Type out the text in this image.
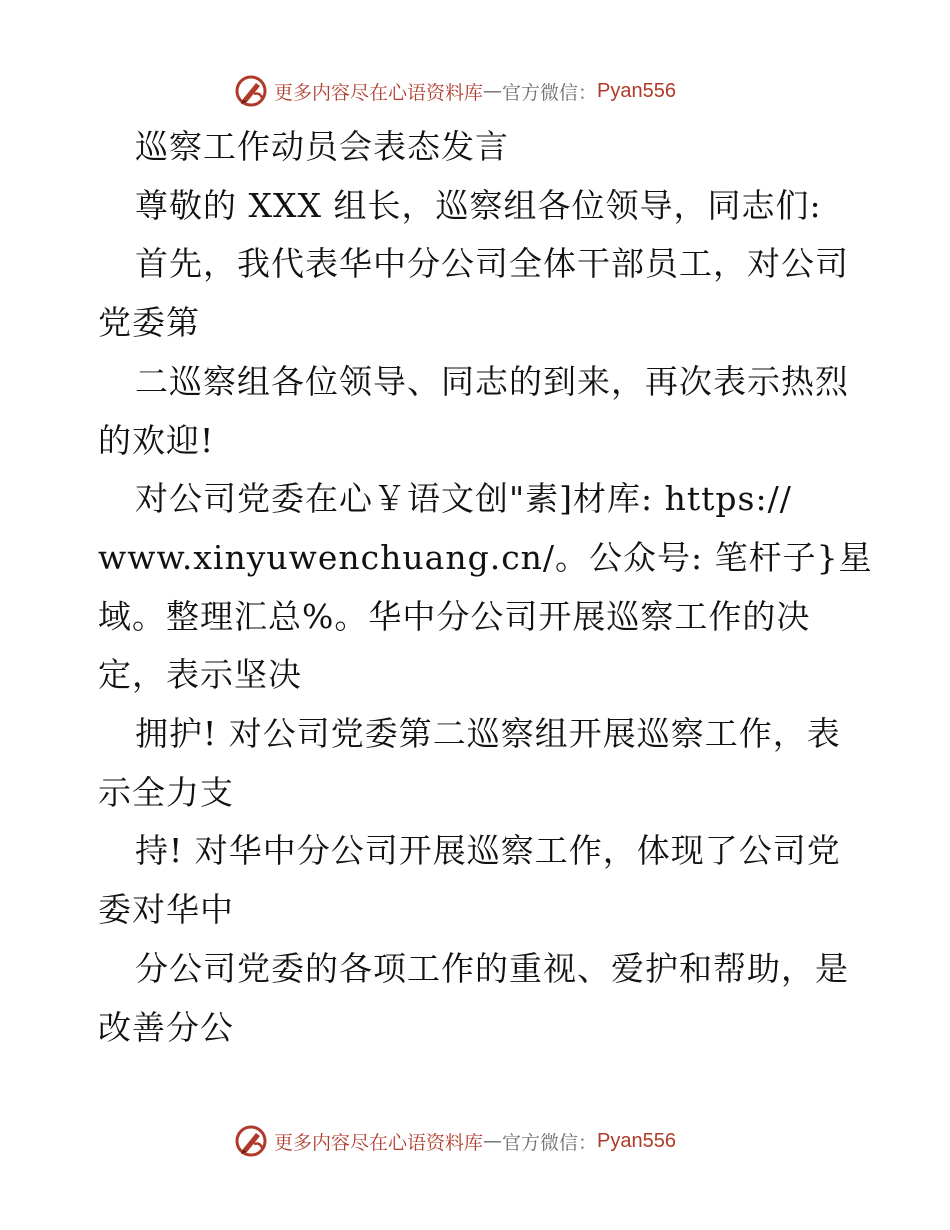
更多内容尽在心语资料库 — 官方微信： Pyan556
巡察工作动员会表态发言
尊敬的 XXX 组长，巡察组各位领导，同志们:
首先，我代表华中分公司全体干部员工，对公司
党委第
二巡察组各位领导、同志的到来，再次表示热烈
的欢迎!
对公司党委在心￥语文创"素]材库: https://
www.xinyuwenchuang.cn/。公众号: 笔杆子}星
域。整理汇总%。华中分公司开展巡察工作的决
定，表示坚决
拥护! 对公司党委第二巡察组开展巡察工作，表
示全力支
持! 对华中分公司开展巡察工作，体现了公司党
委对华中
分公司党委的各项工作的重视、爱护和帮助，是
改善分公
更多内容尽在心语资料库 — 官方微信： Pyan556
